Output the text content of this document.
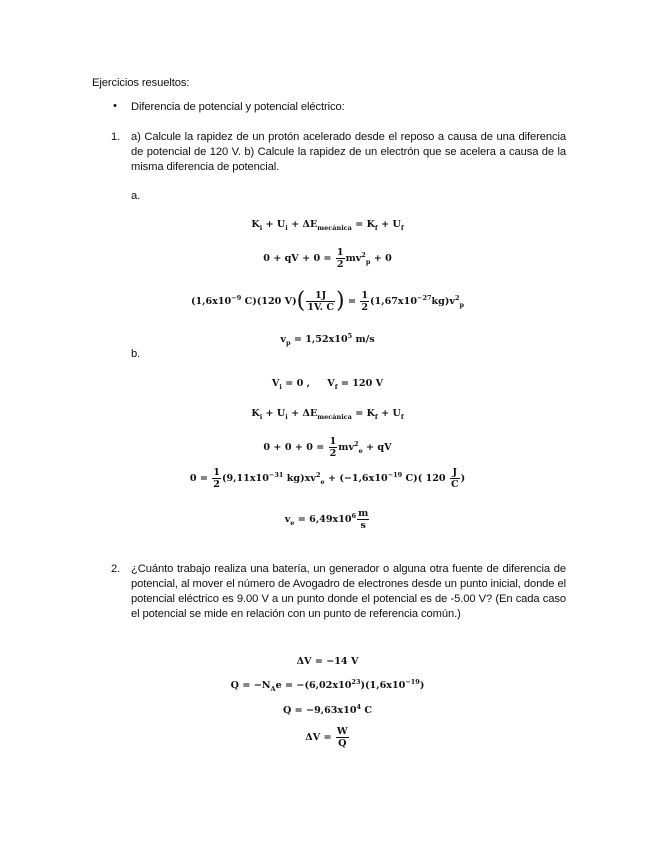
Ejercicios resueltos:
• Diferencia de potencial y potencial eléctrico:
1. a) Calcule la rapidez de un protón acelerado desde el reposo a causa de una diferencia de potencial de 120 V. b) Calcule la rapidez de un electrón que se acelera a causa de la misma diferencia de potencial.
a.
$K_i + U_i + \Delta E_{mecánica} = K_f + U_f$
0 + qV + $0 = \frac{1}{2} mv^2_p + 0$
($1,6x10^{-9}$ C)(120 $V)( \frac{1J}{1V. C}$ ) = $\frac{1}{2} (1,67x10^{-27}kg)v^2_p$
$v_p = 1,52x10^5$ m/s
b.
$V_i = 0$ , $V_f = 120$ V
$K_i + U_i + \Delta E_{mecánica} = K_f + U_f$
$0 + 0 + 0 = \frac{1}{2} mv^2_e$ + qV
$0 = \frac{1}{2} (9,11x10^{-31}$ $kg)xv^2_e + (-1,6x10^{-19}$ C)( $120 \frac{J}{C}$ )
$v_e = 6,49x10^6 \frac{m}{s}$
2. ¿Cuánto trabajo realiza una batería, un generador o alguna otra fuente de diferencia de potencial, al mover el número de Avogadro de electrones desde un punto inicial, donde el potencial eléctrico es 9.00 V a un punto donde el potencial es de -5.00 V? (En cada caso el potencial se mide en relación con un punto de referencia común.)
ΔV = −14 V
$Q = -N_Ae = -(6,02x10^{23})(1,6x10^{-19})$
$Q = -9,63x10^4$ C
$\Delta V = \frac{W}{Q}$
